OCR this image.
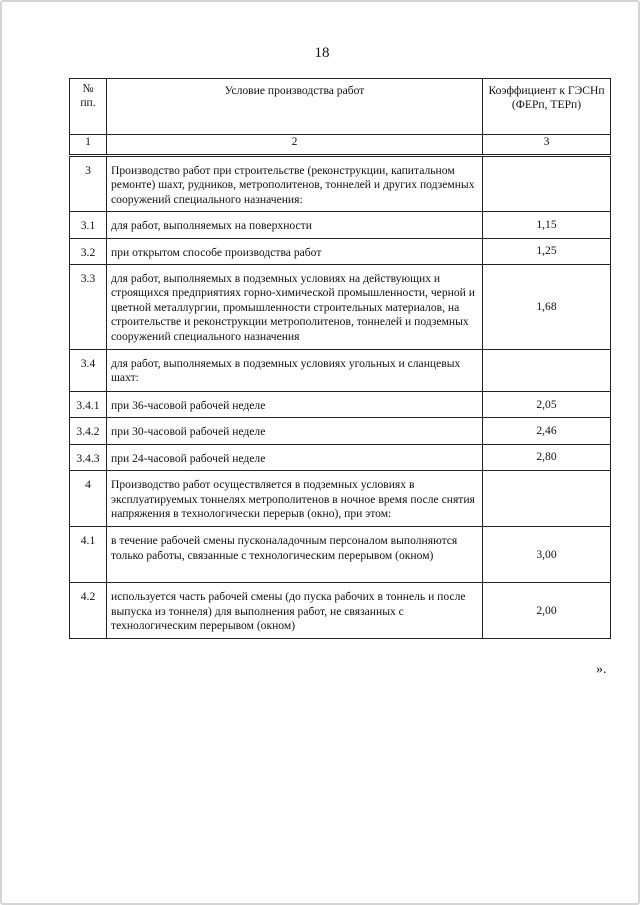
18
№ пп.	Условие производства работ	Коэффициент к ГЭСНп (ФЕРп, ТЕРп)
1	2	3
3	Производство работ при строительстве (реконструкции, капитальном ремонте) шахт, рудников, метрополитенов, тоннелей и других подземных сооружений специального назначения:	
3.1	для работ, выполняемых на поверхности	1,15
3.2	при открытом способе производства работ	1,25
3.3	для работ, выполняемых в подземных условиях на действующих и строящихся предприятиях горно-химической промышленности, черной и цветной металлургии, промышленности строительных материалов, на строительстве и реконструкции метрополитенов, тоннелей и подземных сооружений специального назначения	1,68
3.4	для работ, выполняемых в подземных условиях угольных и сланцевых шахт:	
3.4.1	при 36-часовой рабочей неделе	2,05
3.4.2	при 30-часовой рабочей неделе	2,46
3.4.3	при 24-часовой рабочей неделе	2,80
4	Производство работ осуществляется в подземных условиях в эксплуатируемых тоннелях метрополитенов в ночное время после снятия напряжения в технологически перерыв (окно), при этом:	
4.1	в течение рабочей смены пусконаладочным персоналом выполняются только работы, связанные с технологическим перерывом (окном)	3,00
4.2	используется часть рабочей смены (до пуска рабочих в тоннель и после выпуска из тоннеля) для выполнения работ, не связанных с технологическим перерывом (окном)	2,00
».
